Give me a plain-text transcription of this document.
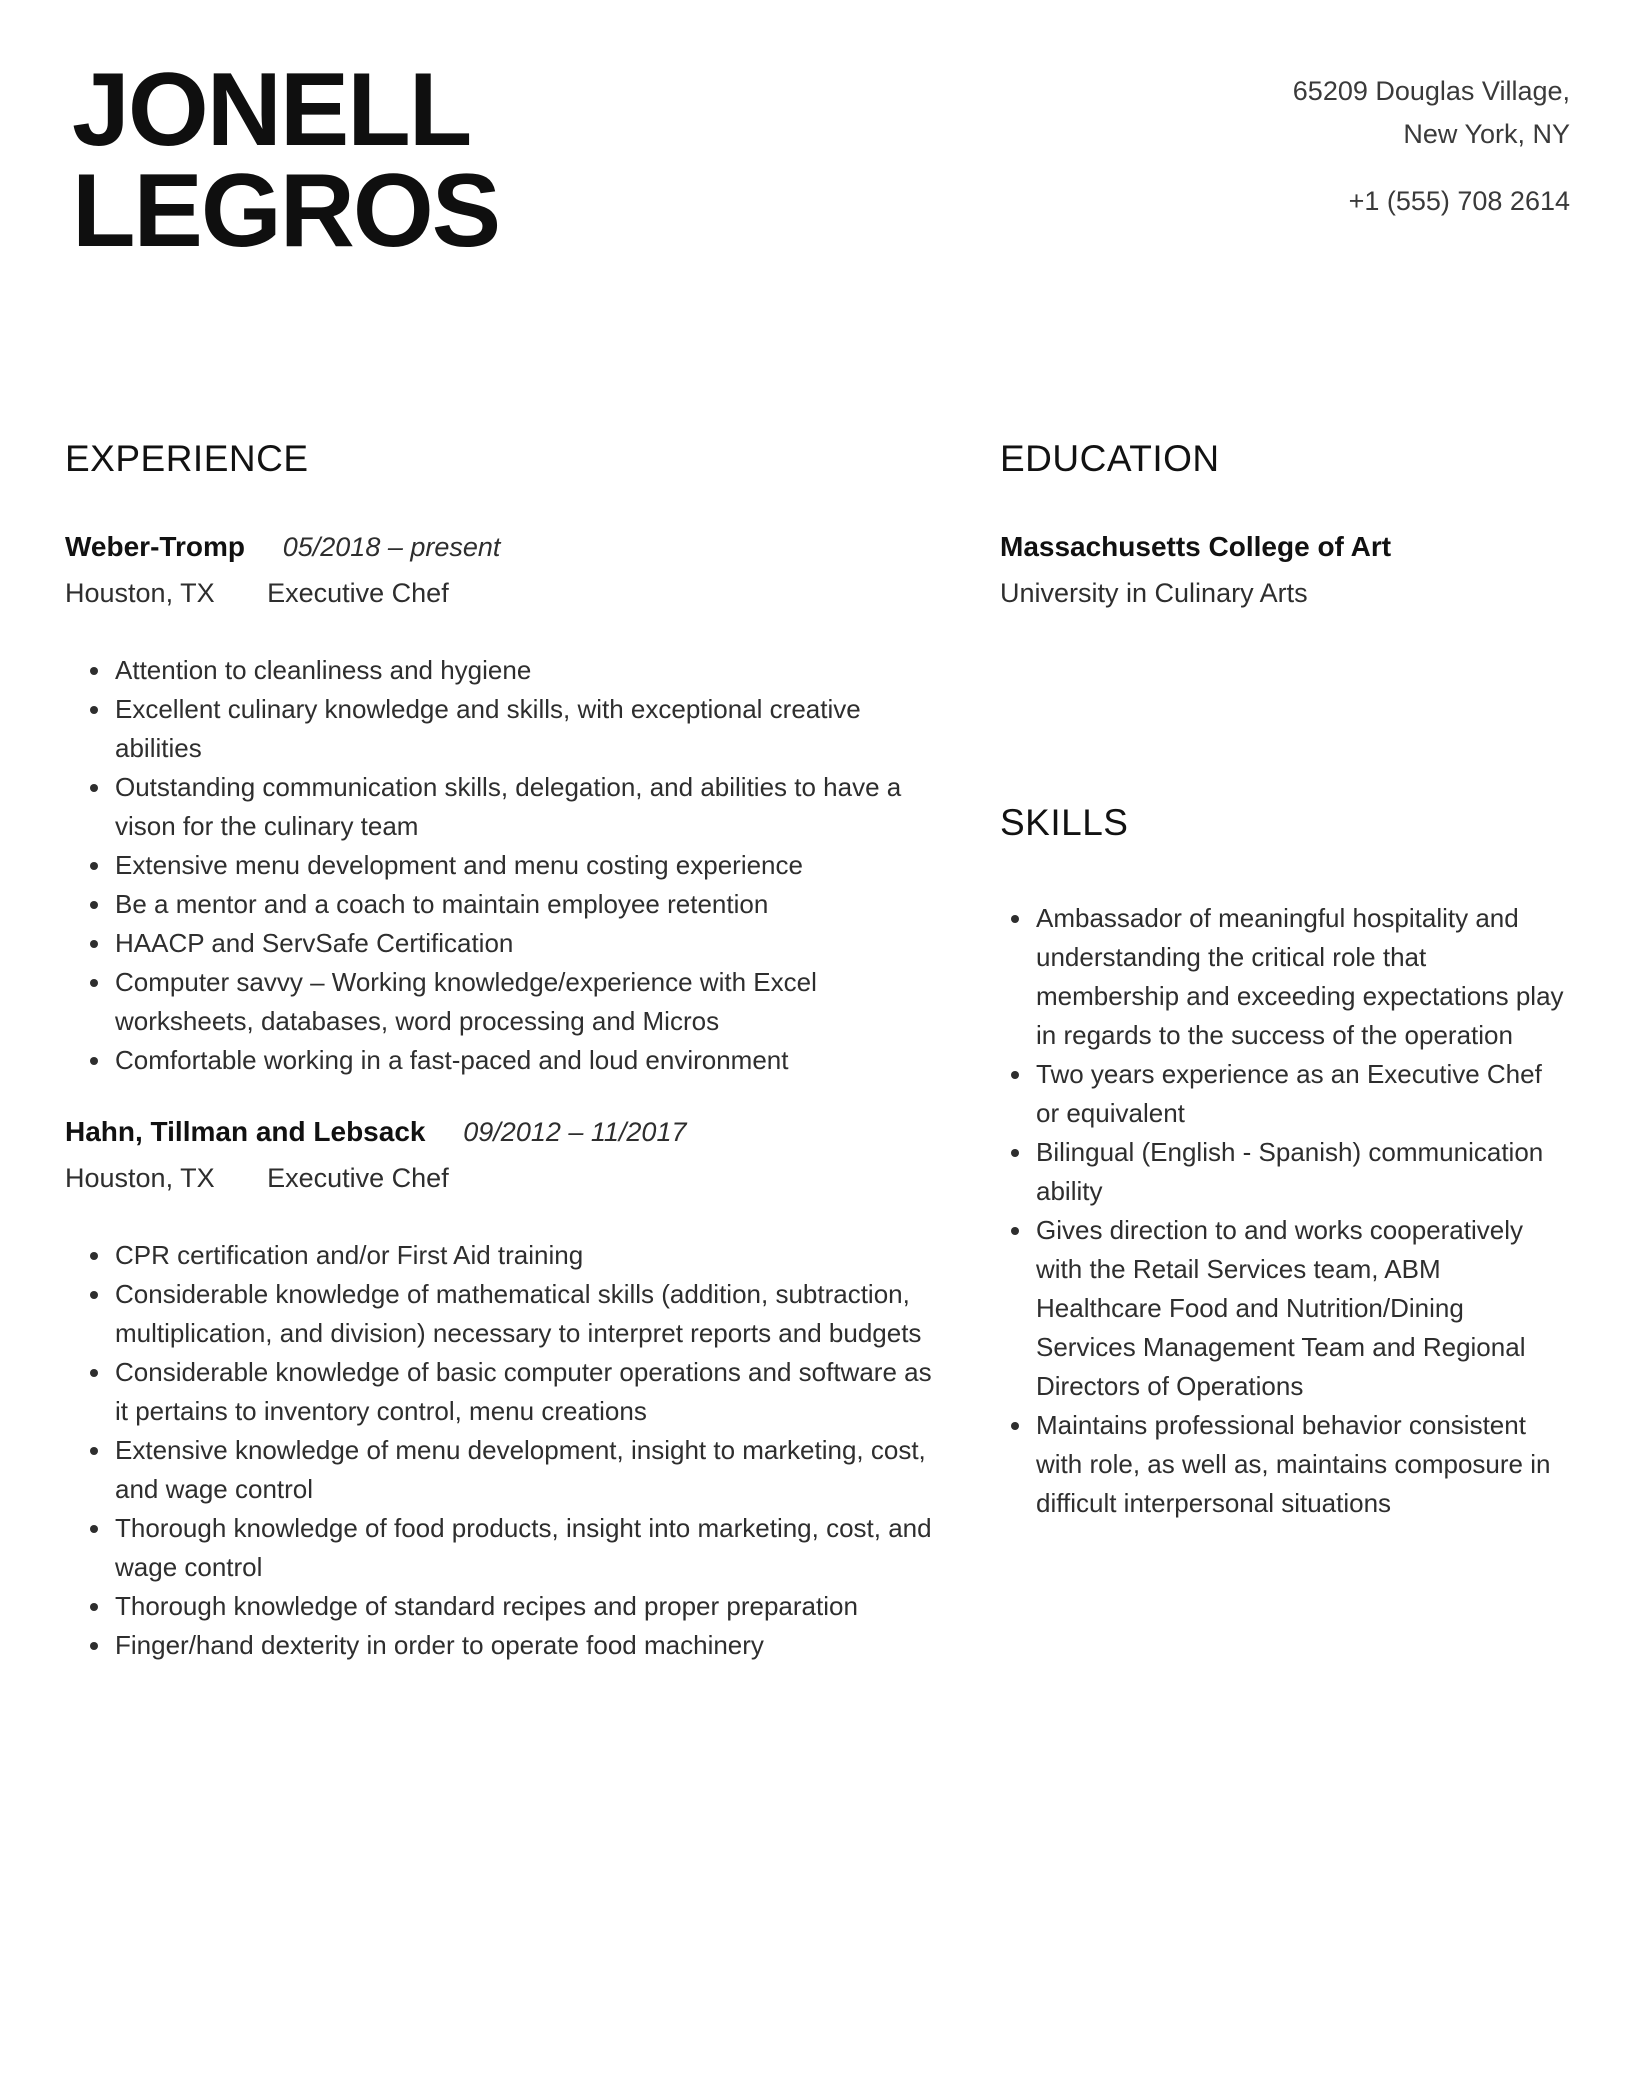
JONELL
LEGROS
65209 Douglas Village,
New York, NY
+1 (555) 708 2614
EXPERIENCE
Weber-Tromp 05/2018 – present
Houston, TX Executive Chef
• Attention to cleanliness and hygiene
• Excellent culinary knowledge and skills, with exceptional creative abilities
• Outstanding communication skills, delegation, and abilities to have a vison for the culinary team
• Extensive menu development and menu costing experience
• Be a mentor and a coach to maintain employee retention
• HAACP and ServSafe Certification
• Computer savvy – Working knowledge/experience with Excel worksheets, databases, word processing and Micros
• Comfortable working in a fast-paced and loud environment
Hahn, Tillman and Lebsack 09/2012 – 11/2017
Houston, TX Executive Chef
• CPR certification and/or First Aid training
• Considerable knowledge of mathematical skills (addition, subtraction, multiplication, and division) necessary to interpret reports and budgets
• Considerable knowledge of basic computer operations and software as it pertains to inventory control, menu creations
• Extensive knowledge of menu development, insight to marketing, cost, and wage control
• Thorough knowledge of food products, insight into marketing, cost, and wage control
• Thorough knowledge of standard recipes and proper preparation
• Finger/hand dexterity in order to operate food machinery
EDUCATION
Massachusetts College of Art
University in Culinary Arts
SKILLS
• Ambassador of meaningful hospitality and understanding the critical role that membership and exceeding expectations play in regards to the success of the operation
• Two years experience as an Executive Chef or equivalent
• Bilingual (English - Spanish) communication ability
• Gives direction to and works cooperatively with the Retail Services team, ABM Healthcare Food and Nutrition/Dining Services Management Team and Regional Directors of Operations
• Maintains professional behavior consistent with role, as well as, maintains composure in difficult interpersonal situations
